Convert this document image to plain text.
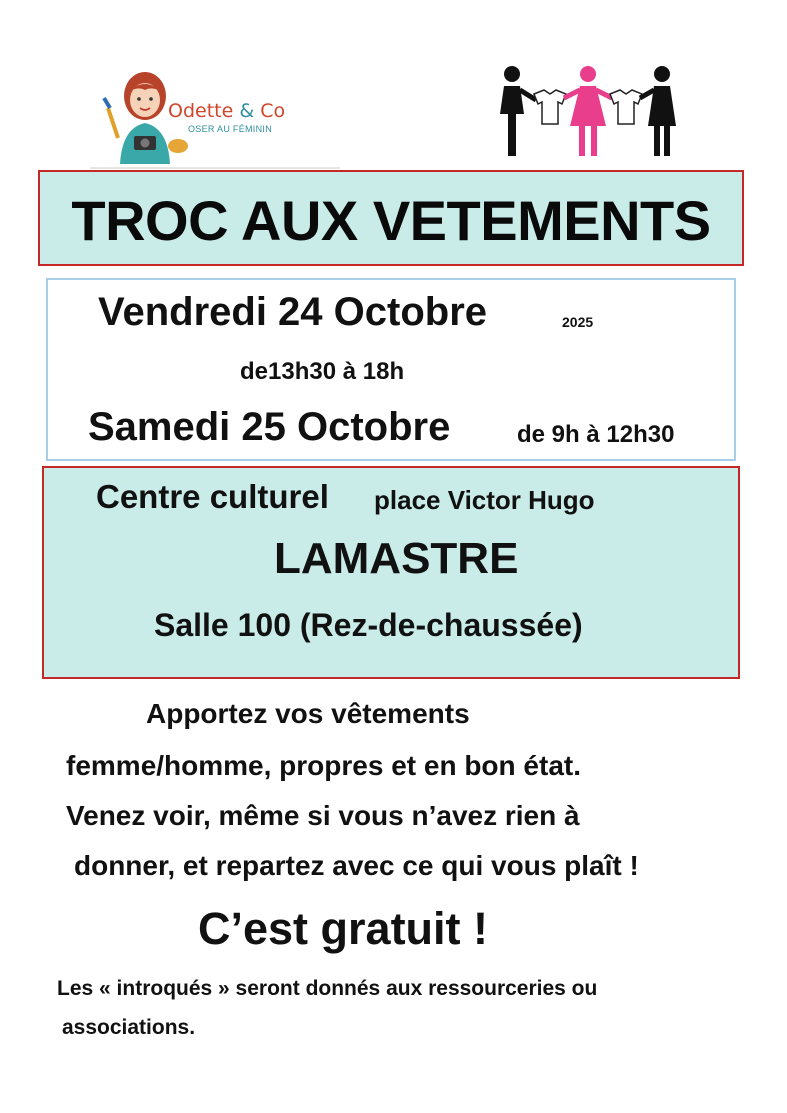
Odette & Co
OSER AU FÉMININ
TROC AUX VETEMENTS
Vendredi 24 Octobre	2025
de13h30 à 18h
Samedi 25 Octobre	de 9h à 12h30
Centre culturel place Victor Hugo
LAMASTRE
Salle 100 (Rez-de-chaussée)
Apportez vos vêtements
femme/homme, propres et en bon état.
Venez voir, même si vous n’avez rien à
donner, et repartez avec ce qui vous plaît !
C’est gratuit !
Les « introqués » seront donnés aux ressourceries ou
associations.
